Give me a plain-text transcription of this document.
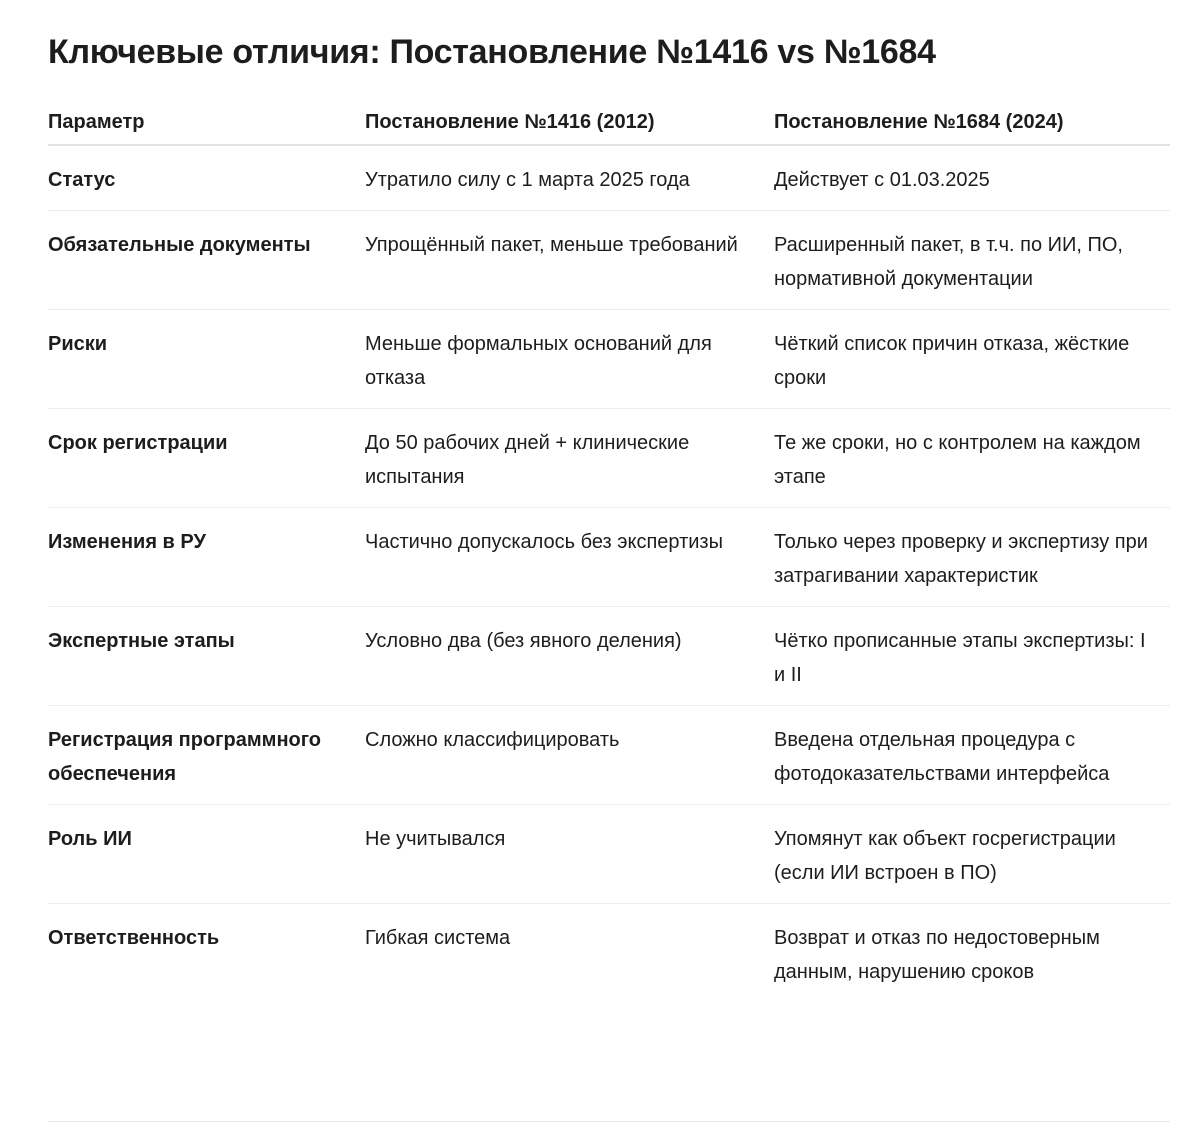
Ключевые отличия: Постановление №1416 vs №1684
Параметр	Постановление №1416 (2012)	Постановление №1684 (2024)
Статус	Утратило силу с 1 марта 2025 года	Действует с 01.03.2025
Обязательные документы	Упрощённый пакет, меньше требований	Расширенный пакет, в т.ч. по ИИ, ПО, нормативной документации
Риски	Меньше формальных оснований для отказа	Чёткий список причин отказа, жёсткие сроки
Срок регистрации	До 50 рабочих дней + клинические испытания	Те же сроки, но с контролем на каждом этапе
Изменения в РУ	Частично допускалось без экспертизы	Только через проверку и экспертизу при затрагивании характеристик
Экспертные этапы	Условно два (без явного деления)	Чётко прописанные этапы экспертизы: I и II
Регистрация программного обеспечения	Сложно классифицировать	Введена отдельная процедура с фотодоказательствами интерфейса
Роль ИИ	Не учитывался	Упомянут как объект госрегистрации (если ИИ встроен в ПО)
Ответственность	Гибкая система	Возврат и отказ по недостоверным данным, нарушению сроков
